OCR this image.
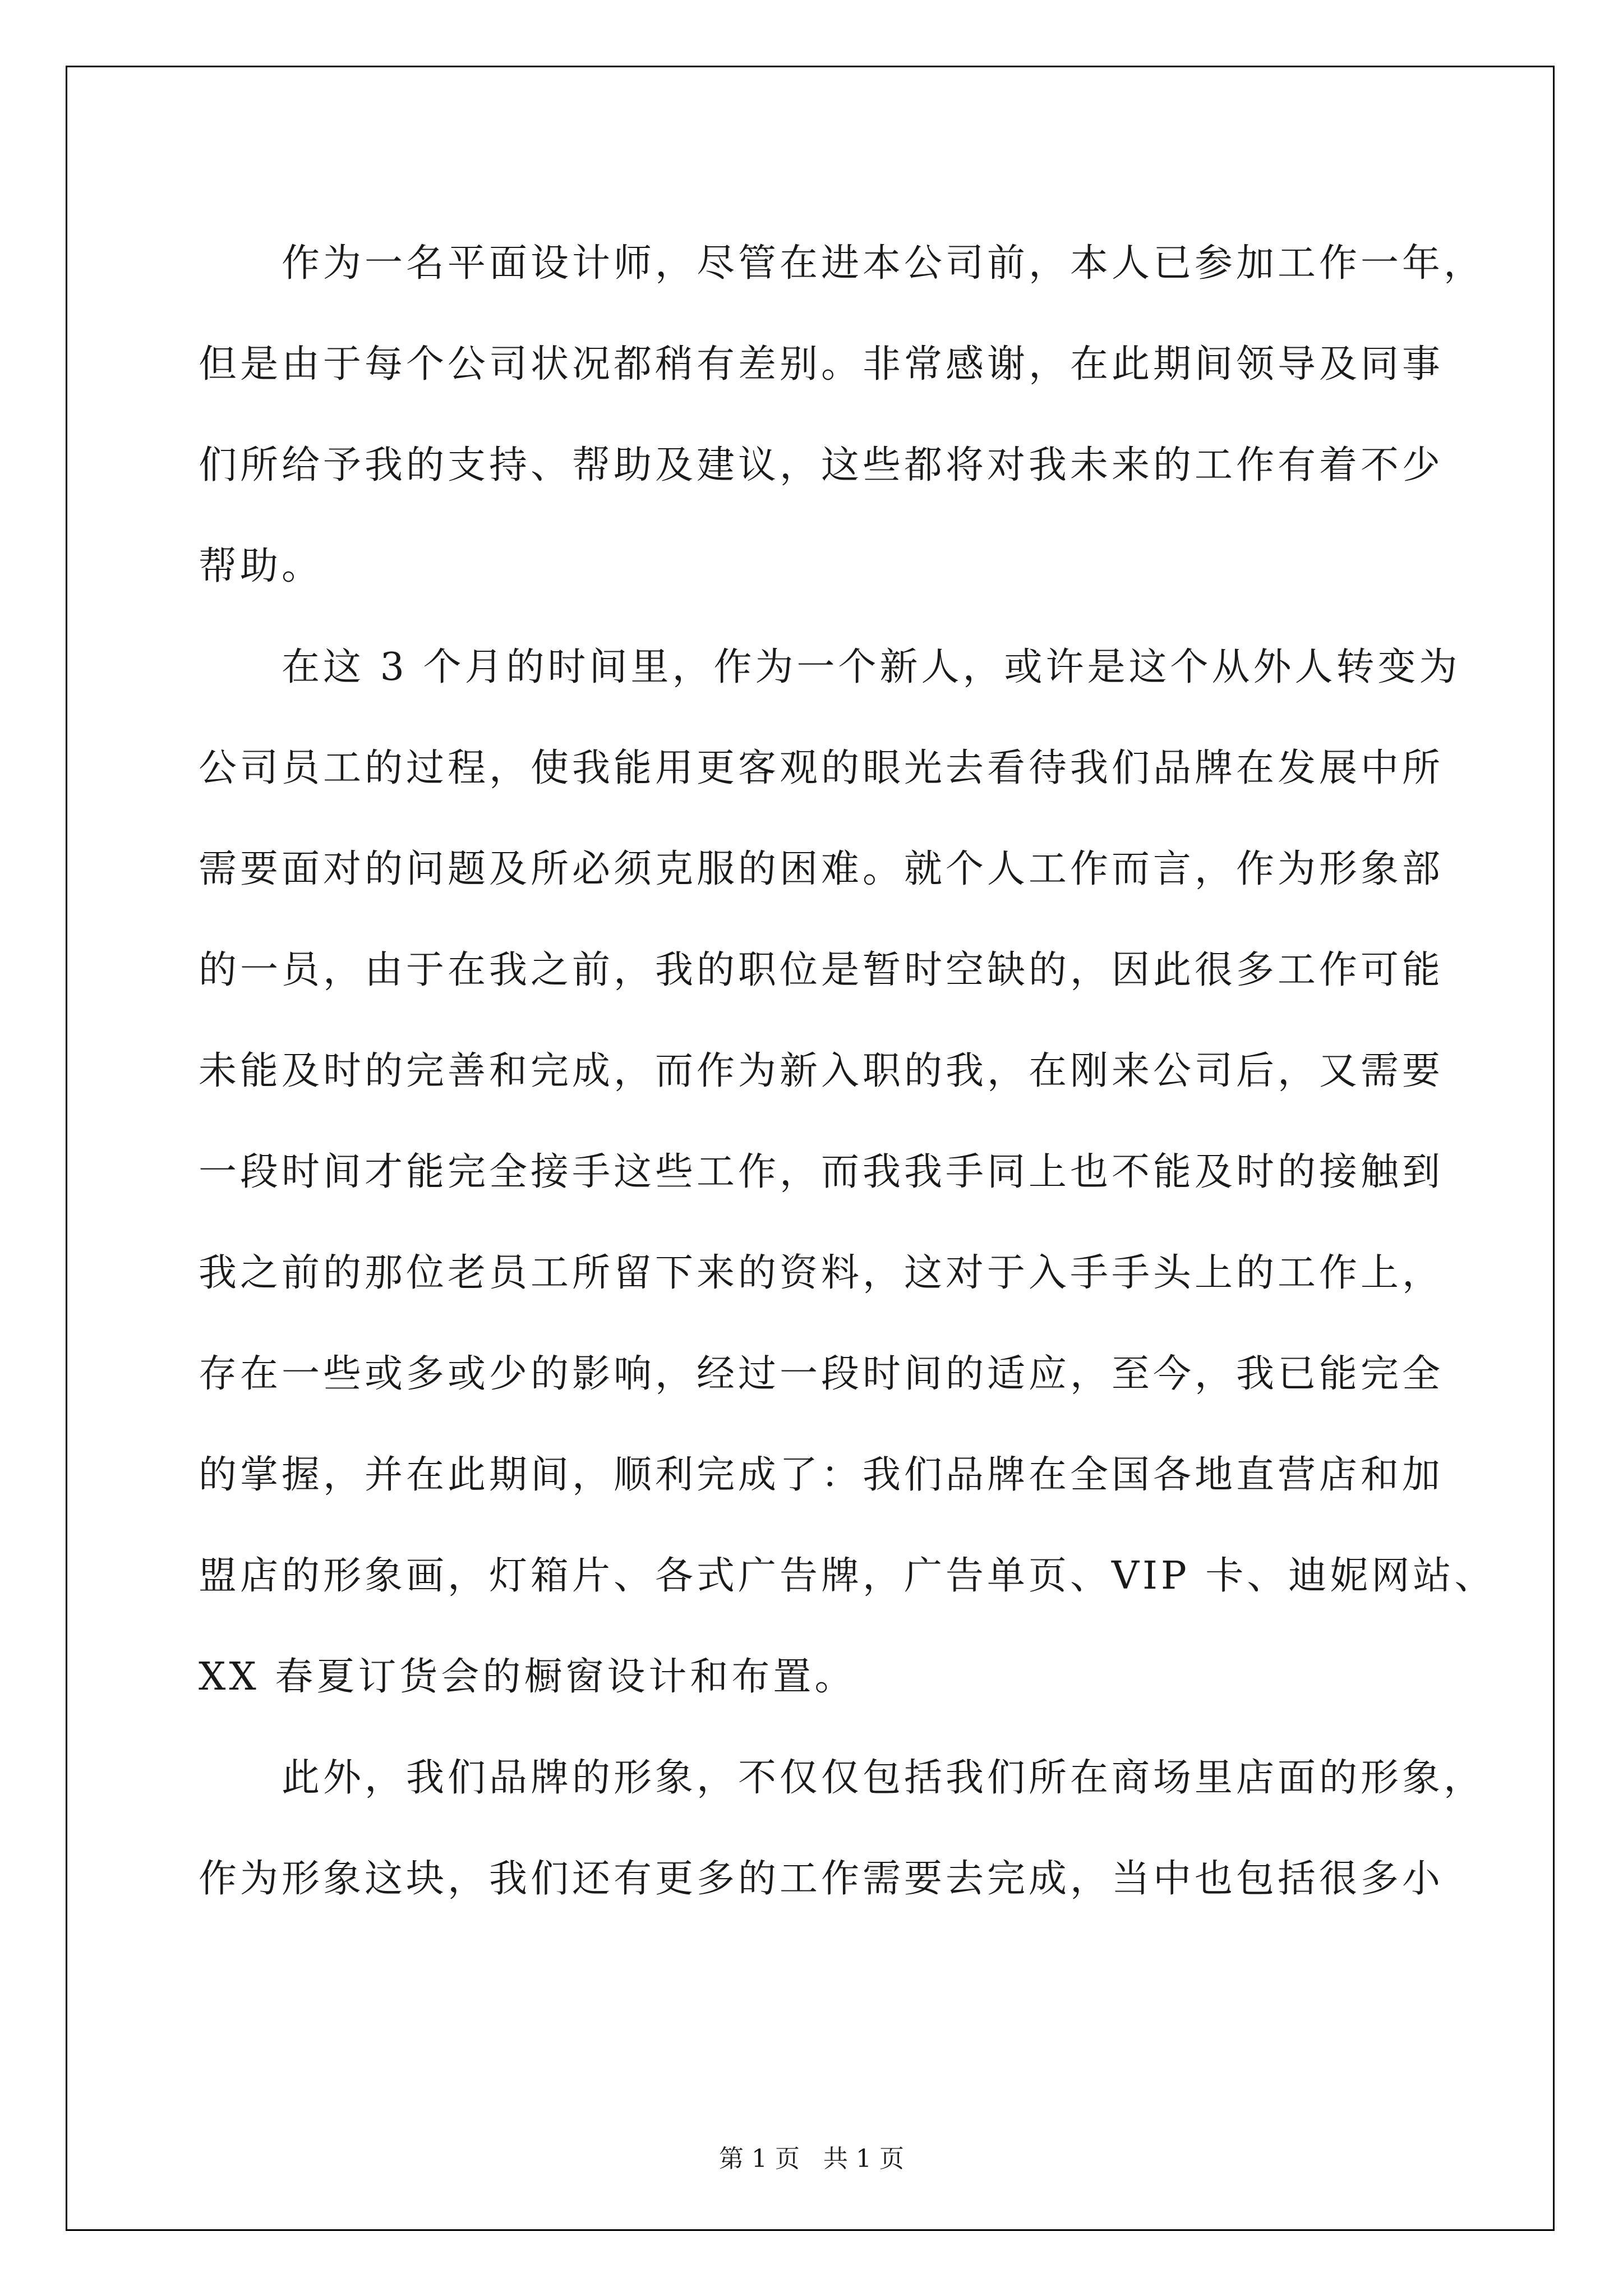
作为一名平面设计师，尽管在进本公司前，本人已参加工作一年，
但是由于每个公司状况都稍有差别。非常感谢，在此期间领导及同事
们所给予我的支持、帮助及建议，这些都将对我未来的工作有着不少
帮助。
在这 3 个月的时间里，作为一个新人，或许是这个从外人转变为
公司员工的过程，使我能用更客观的眼光去看待我们品牌在发展中所
需要面对的问题及所必须克服的困难。就个人工作而言，作为形象部
的一员，由于在我之前，我的职位是暂时空缺的，因此很多工作可能
未能及时的完善和完成，而作为新入职的我，在刚来公司后，又需要
一段时间才能完全接手这些工作，而我我手同上也不能及时的接触到
我之前的那位老员工所留下来的资料，这对于入手手头上的工作上，
存在一些或多或少的影响，经过一段时间的适应，至今，我已能完全
的掌握，并在此期间，顺利完成了：我们品牌在全国各地直营店和加
盟店的形象画，灯箱片、各式广告牌，广告单页、VIP 卡、迪妮网站、
XX 春夏订货会的橱窗设计和布置。
此外，我们品牌的形象，不仅仅包括我们所在商场里店面的形象，
作为形象这块，我们还有更多的工作需要去完成，当中也包括很多小
第 1 页   共 1 页
